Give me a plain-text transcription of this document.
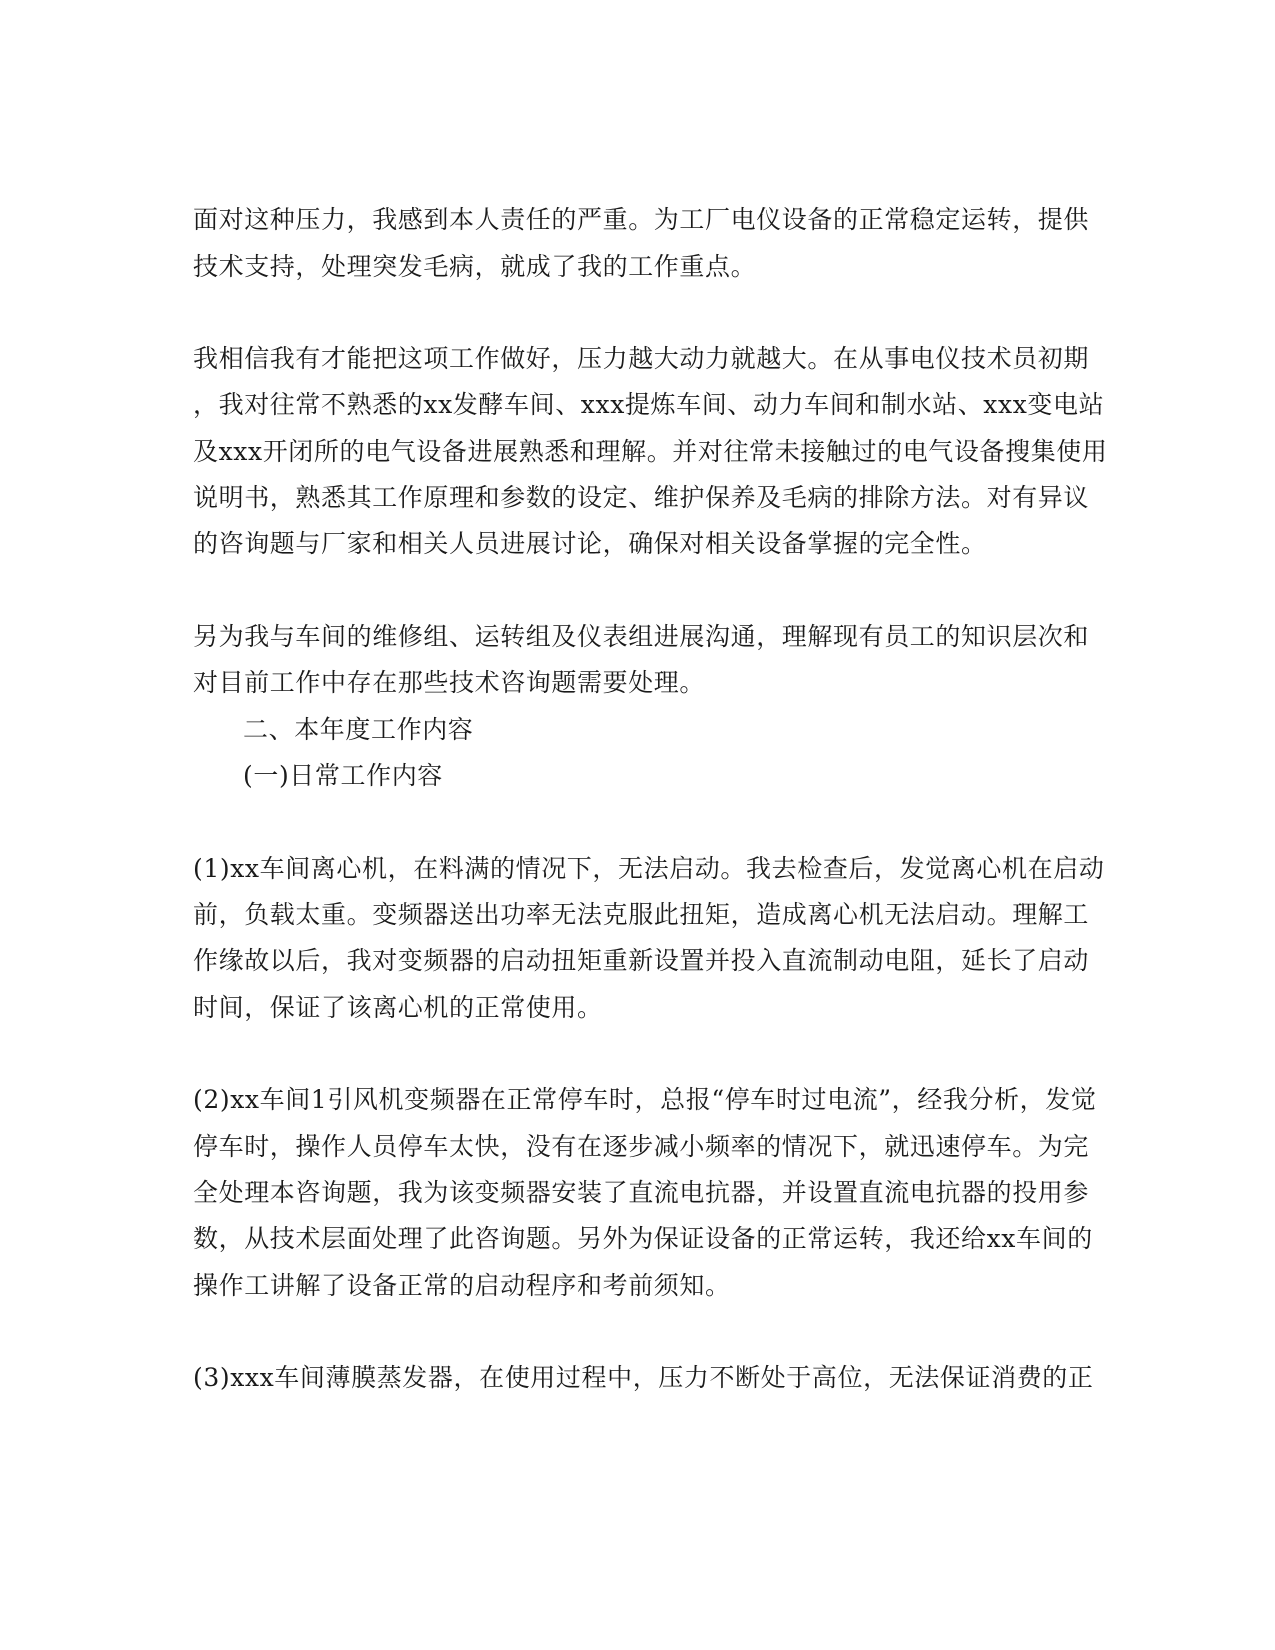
面对这种压力，我感到本人责任的严重。为工厂电仪设备的正常稳定运转，提供
技术支持，处理突发毛病，就成了我的工作重点。
我相信我有才能把这项工作做好，压力越大动力就越大。在从事电仪技术员初期
，我对往常不熟悉的xx发酵车间、xxx提炼车间、动力车间和制水站、xxx变电站
及xxx开闭所的电气设备进展熟悉和理解。并对往常未接触过的电气设备搜集使用
说明书，熟悉其工作原理和参数的设定、维护保养及毛病的排除方法。对有异议
的咨询题与厂家和相关人员进展讨论，确保对相关设备掌握的完全性。
另为我与车间的维修组、运转组及仪表组进展沟通，理解现有员工的知识层次和
对目前工作中存在那些技术咨询题需要处理。
二、本年度工作内容
(一)日常工作内容
(1)xx车间离心机，在料满的情况下，无法启动。我去检查后，发觉离心机在启动
前，负载太重。变频器送出功率无法克服此扭矩，造成离心机无法启动。理解工
作缘故以后，我对变频器的启动扭矩重新设置并投入直流制动电阻，延长了启动
时间，保证了该离心机的正常使用。
(2)xx车间1引风机变频器在正常停车时，总报“停车时过电流”，经我分析，发觉
停车时，操作人员停车太快，没有在逐步减小频率的情况下，就迅速停车。为完
全处理本咨询题，我为该变频器安装了直流电抗器，并设置直流电抗器的投用参
数，从技术层面处理了此咨询题。另外为保证设备的正常运转，我还给xx车间的
操作工讲解了设备正常的启动程序和考前须知。
(3)xxx车间薄膜蒸发器，在使用过程中，压力不断处于高位，无法保证消费的正
